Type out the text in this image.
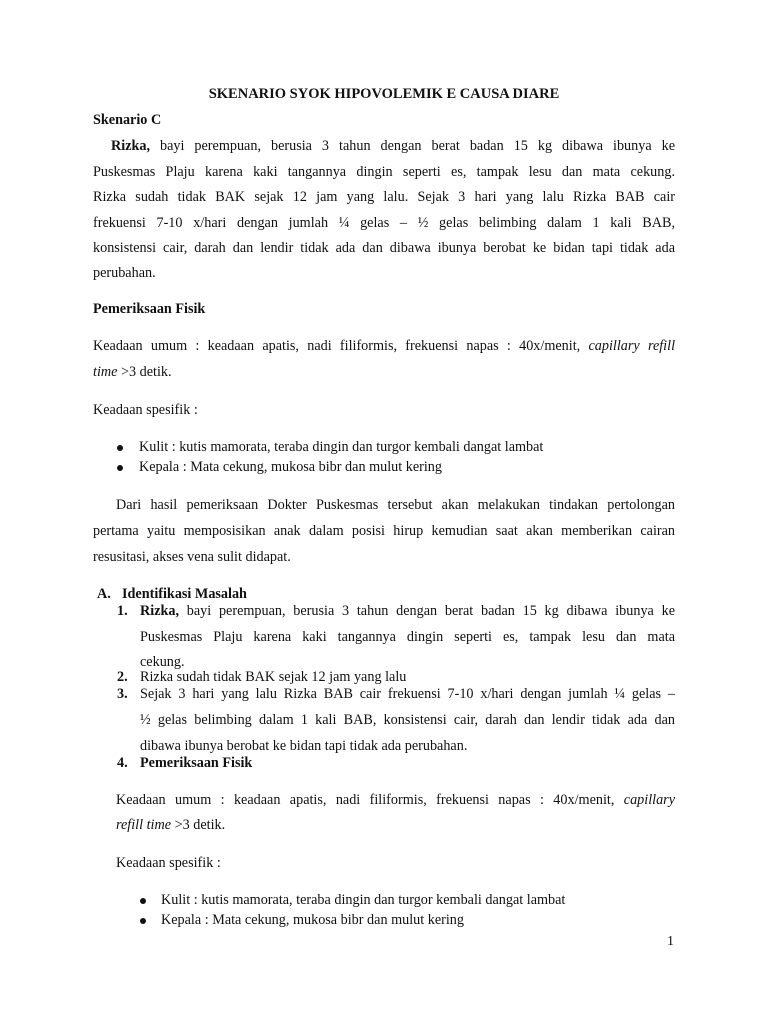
SKENARIO SYOK HIPOVOLEMIK E CAUSA DIARE
Skenario C
Rizka, bayi perempuan, berusia 3 tahun dengan berat badan 15 kg dibawa ibunya ke
Puskesmas Plaju karena kaki tangannya dingin seperti es, tampak lesu dan mata cekung.
Rizka sudah tidak BAK sejak 12 jam yang lalu. Sejak 3 hari yang lalu Rizka BAB cair
frekuensi 7-10 x/hari dengan jumlah ¼ gelas – ½ gelas belimbing dalam 1 kali BAB,
konsistensi cair, darah dan lendir tidak ada dan dibawa ibunya berobat ke bidan tapi tidak ada
perubahan.
Pemeriksaan Fisik
Keadaan umum : keadaan apatis, nadi filiformis, frekuensi napas : 40x/menit, capillary refill
time >3 detik.
Keadaan spesifik :
Kulit : kutis mamorata, teraba dingin dan turgor kembali dangat lambat
Kepala : Mata cekung, mukosa bibr dan mulut kering
Dari hasil pemeriksaan Dokter Puskesmas tersebut akan melakukan tindakan pertolongan
pertama yaitu memposisikan anak dalam posisi hirup kemudian saat akan memberikan cairan
resusitasi, akses vena sulit didapat.
A. Identifikasi Masalah
1. Rizka, bayi perempuan, berusia 3 tahun dengan berat badan 15 kg dibawa ibunya ke
Puskesmas Plaju karena kaki tangannya dingin seperti es, tampak lesu dan mata
cekung.
2. Rizka sudah tidak BAK sejak 12 jam yang lalu
3. Sejak 3 hari yang lalu Rizka BAB cair frekuensi 7-10 x/hari dengan jumlah ¼ gelas –
½ gelas belimbing dalam 1 kali BAB, konsistensi cair, darah dan lendir tidak ada dan
dibawa ibunya berobat ke bidan tapi tidak ada perubahan.
4. Pemeriksaan Fisik
Keadaan umum : keadaan apatis, nadi filiformis, frekuensi napas : 40x/menit, capillary
refill time >3 detik.
Keadaan spesifik :
Kulit : kutis mamorata, teraba dingin dan turgor kembali dangat lambat
Kepala : Mata cekung, mukosa bibr dan mulut kering
1
